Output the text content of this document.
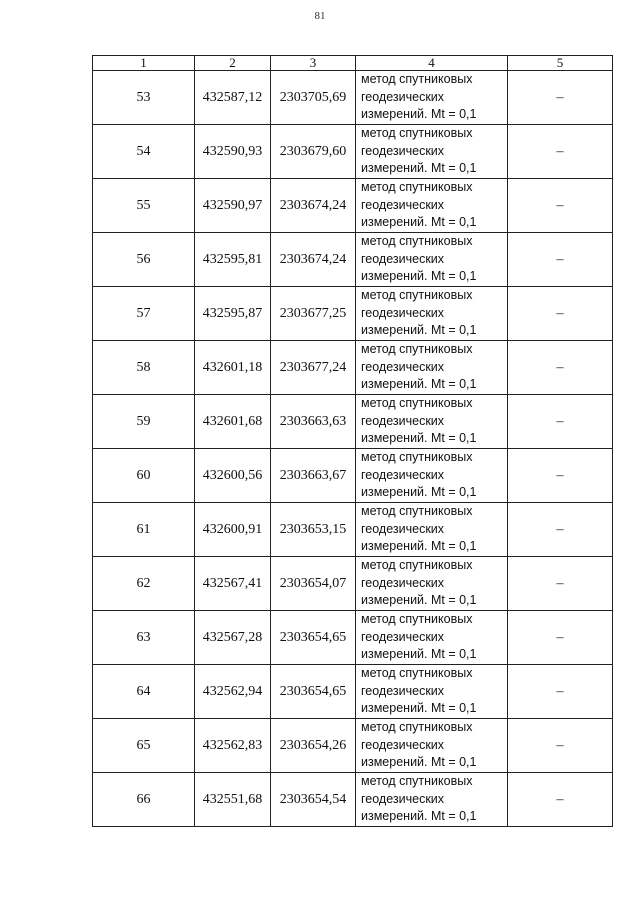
81
1	2	3	4	5
53	432587,12	2303705,69	метод спутниковых
геодезических
измерений. Mt = 0,1	–
54	432590,93	2303679,60	метод спутниковых
геодезических
измерений. Mt = 0,1	–
55	432590,97	2303674,24	метод спутниковых
геодезических
измерений. Mt = 0,1	–
56	432595,81	2303674,24	метод спутниковых
геодезических
измерений. Mt = 0,1	–
57	432595,87	2303677,25	метод спутниковых
геодезических
измерений. Mt = 0,1	–
58	432601,18	2303677,24	метод спутниковых
геодезических
измерений. Mt = 0,1	–
59	432601,68	2303663,63	метод спутниковых
геодезических
измерений. Mt = 0,1	–
60	432600,56	2303663,67	метод спутниковых
геодезических
измерений. Mt = 0,1	–
61	432600,91	2303653,15	метод спутниковых
геодезических
измерений. Mt = 0,1	–
62	432567,41	2303654,07	метод спутниковых
геодезических
измерений. Mt = 0,1	–
63	432567,28	2303654,65	метод спутниковых
геодезических
измерений. Mt = 0,1	–
64	432562,94	2303654,65	метод спутниковых
геодезических
измерений. Mt = 0,1	–
65	432562,83	2303654,26	метод спутниковых
геодезических
измерений. Mt = 0,1	–
66	432551,68	2303654,54	метод спутниковых
геодезических
измерений. Mt = 0,1	–
